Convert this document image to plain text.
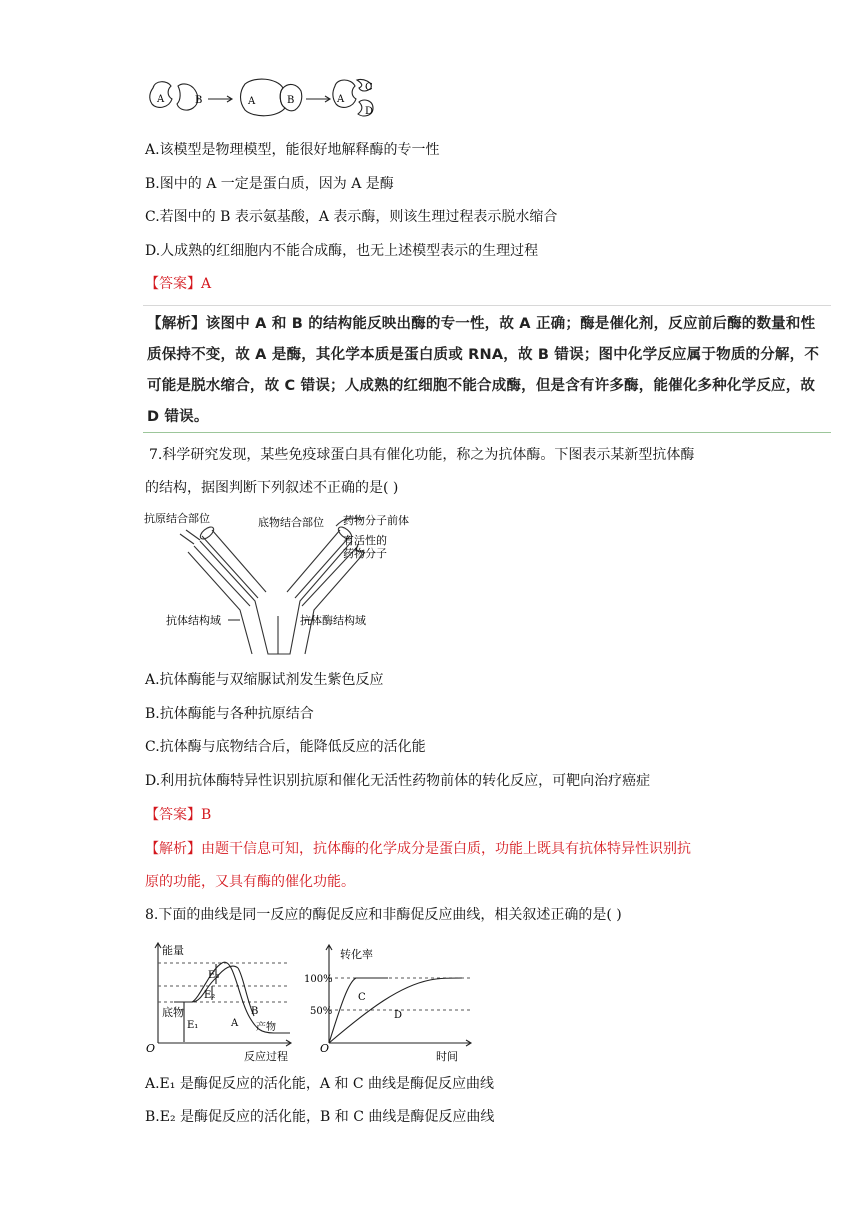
A	B	A	B	A
C
D
A.该模型是物理模型，能很好地解释酶的专一性
B.图中的 A 一定是蛋白质，因为 A 是酶
C.若图中的 B 表示氨基酸，A 表示酶，则该生理过程表示脱水缩合
D.人成熟的红细胞内不能合成酶，也无上述模型表示的生理过程
【答案】A
【解析】该图中 A 和 B 的结构能反映出酶的专一性，故 A 正确；酶是催化剂，反应前后酶的数量和性
质保持不变，故 A 是酶，其化学本质是蛋白质或 RNA，故 B 错误；图中化学反应属于物质的分解，不
可能是脱水缩合，故 C 错误；人成熟的红细胞不能合成酶，但是含有许多酶，能催化多种化学反应，故
D 错误。
7.科学研究发现，某些免疫球蛋白具有催化功能，称之为抗体酶。下图表示某新型抗体酶
的结构，据图判断下列叙述不正确的是( )
抗原结合部位	底物结合部位 药物分子前体
有活性的
药物分子
抗体结构域	抗体酶结构域
A.抗体酶能与双缩脲试剂发生紫色反应
B.抗体酶能与各种抗原结合
C.抗体酶与底物结合后，能降低反应的活化能
D.利用抗体酶特异性识别抗原和催化无活性药物前体的转化反应，可靶向治疗癌症
【答案】B
【解析】由题干信息可知，抗体酶的化学成分是蛋白质，功能上既具有抗体特异性识别抗
原的功能，又具有酶的催化功能。
8.下面的曲线是同一反应的酶促反应和非酶促反应曲线，相关叙述正确的是( )
能量
反应过程
O
底物
产物
E₁
E₂
E₃
A
B
转化率
时间
O
100%
50%
C
D
A.E₁ 是酶促反应的活化能，A 和 C 曲线是酶促反应曲线
B.E₂ 是酶促反应的活化能，B 和 C 曲线是酶促反应曲线
